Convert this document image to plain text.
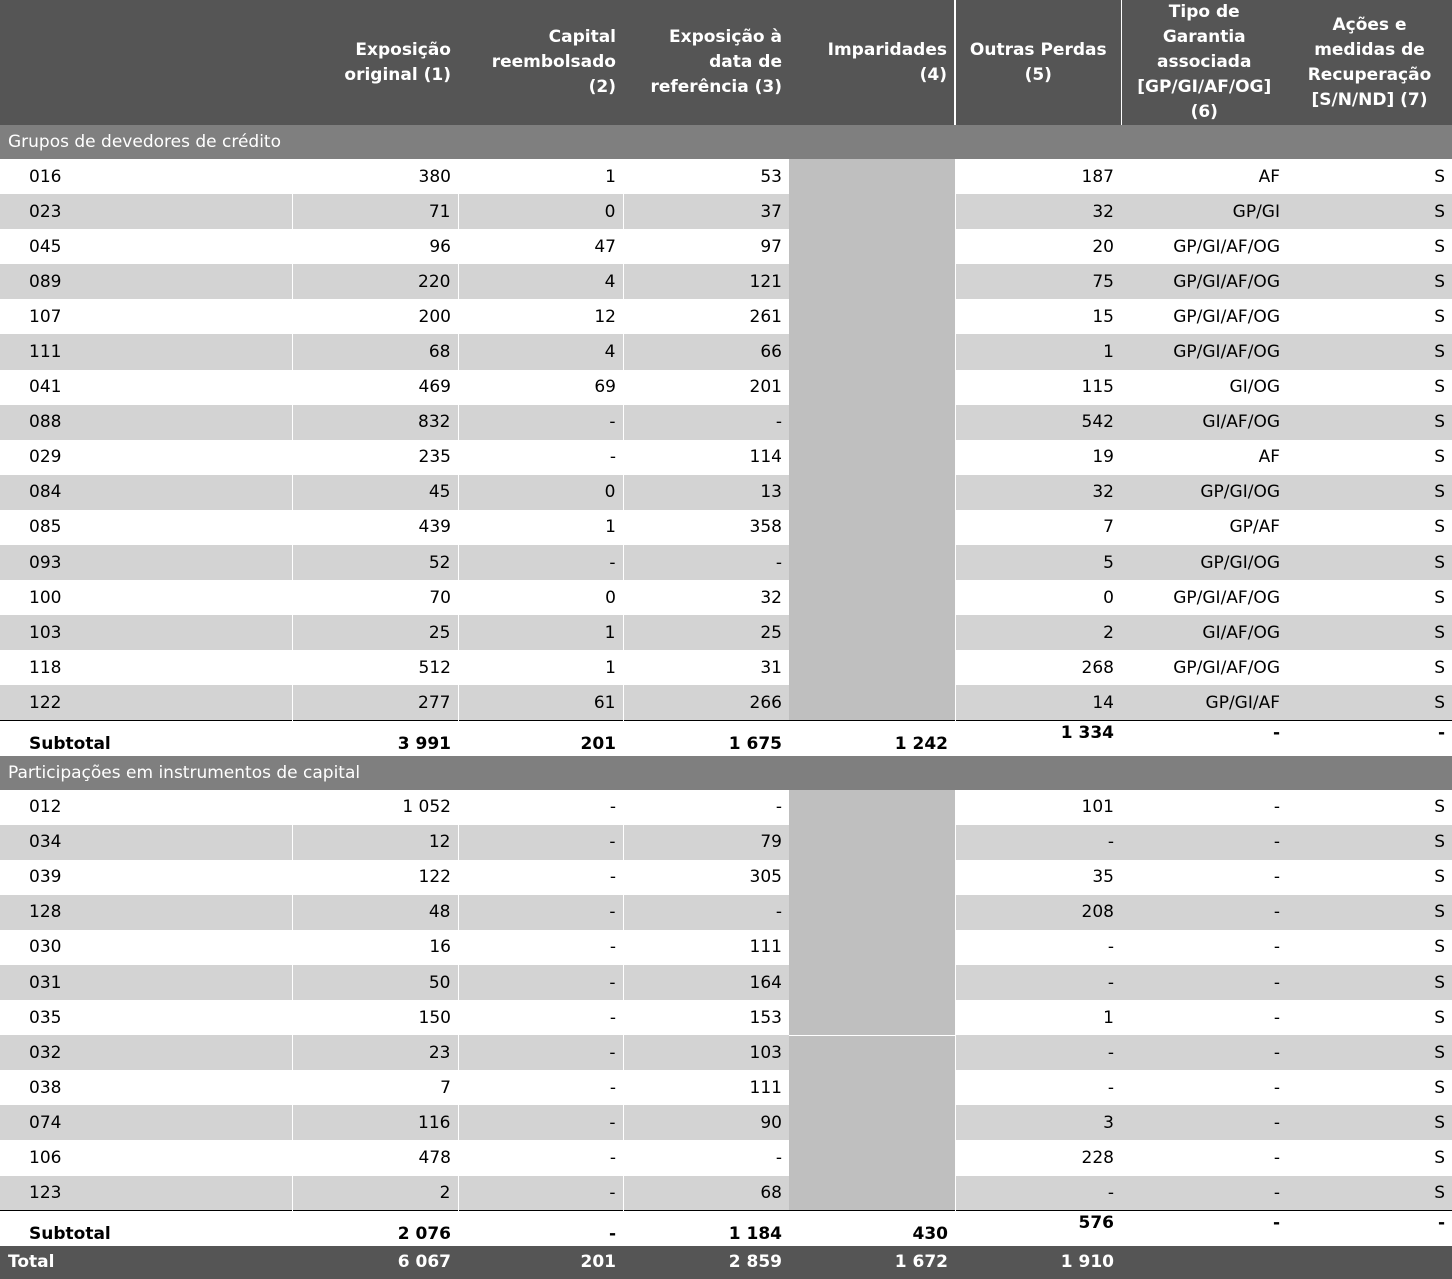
	Exposição original (1)	Capital reembolsado (2)	Exposição à data de referência (3)	Imparidades (4)	Outras Perdas (5)	Tipo de Garantia associada [GP/GI/AF/OG] (6)	Ações e medidas de Recuperação [S/N/ND] (7)
Grupos de devedores de crédito							
016	380	1	53		187	AF	S
023	71	0	37		32	GP/GI	S
045	96	47	97		20	GP/GI/AF/OG	S
089	220	4	121		75	GP/GI/AF/OG	S
107	200	12	261		15	GP/GI/AF/OG	S
111	68	4	66		1	GP/GI/AF/OG	S
041	469	69	201		115	GI/OG	S
088	832	-	-		542	GI/AF/OG	S
029	235	-	114		19	AF	S
084	45	0	13		32	GP/GI/OG	S
085	439	1	358		7	GP/AF	S
093	52	-	-		5	GP/GI/OG	S
100	70	0	32		0	GP/GI/AF/OG	S
103	25	1	25		2	GI/AF/OG	S
118	512	1	31		268	GP/GI/AF/OG	S
122	277	61	266		14	GP/GI/AF	S
Subtotal	3 991	201	1 675	1 242	1 334	-	-
Participações em instrumentos de capital							
012	1 052	-	-		101	-	S
034	12	-	79		-	-	S
039	122	-	305		35	-	S
128	48	-	-		208	-	S
030	16	-	111		-	-	S
031	50	-	164		-	-	S
035	150	-	153		1	-	S
032	23	-	103		-	-	S
038	7	-	111		-	-	S
074	116	-	90		3	-	S
106	478	-	-		228	-	S
123	2	-	68		-	-	S
Subtotal	2 076	-	1 184	430	576	-	-
Total	6 067	201	2 859	1 672	1 910		
